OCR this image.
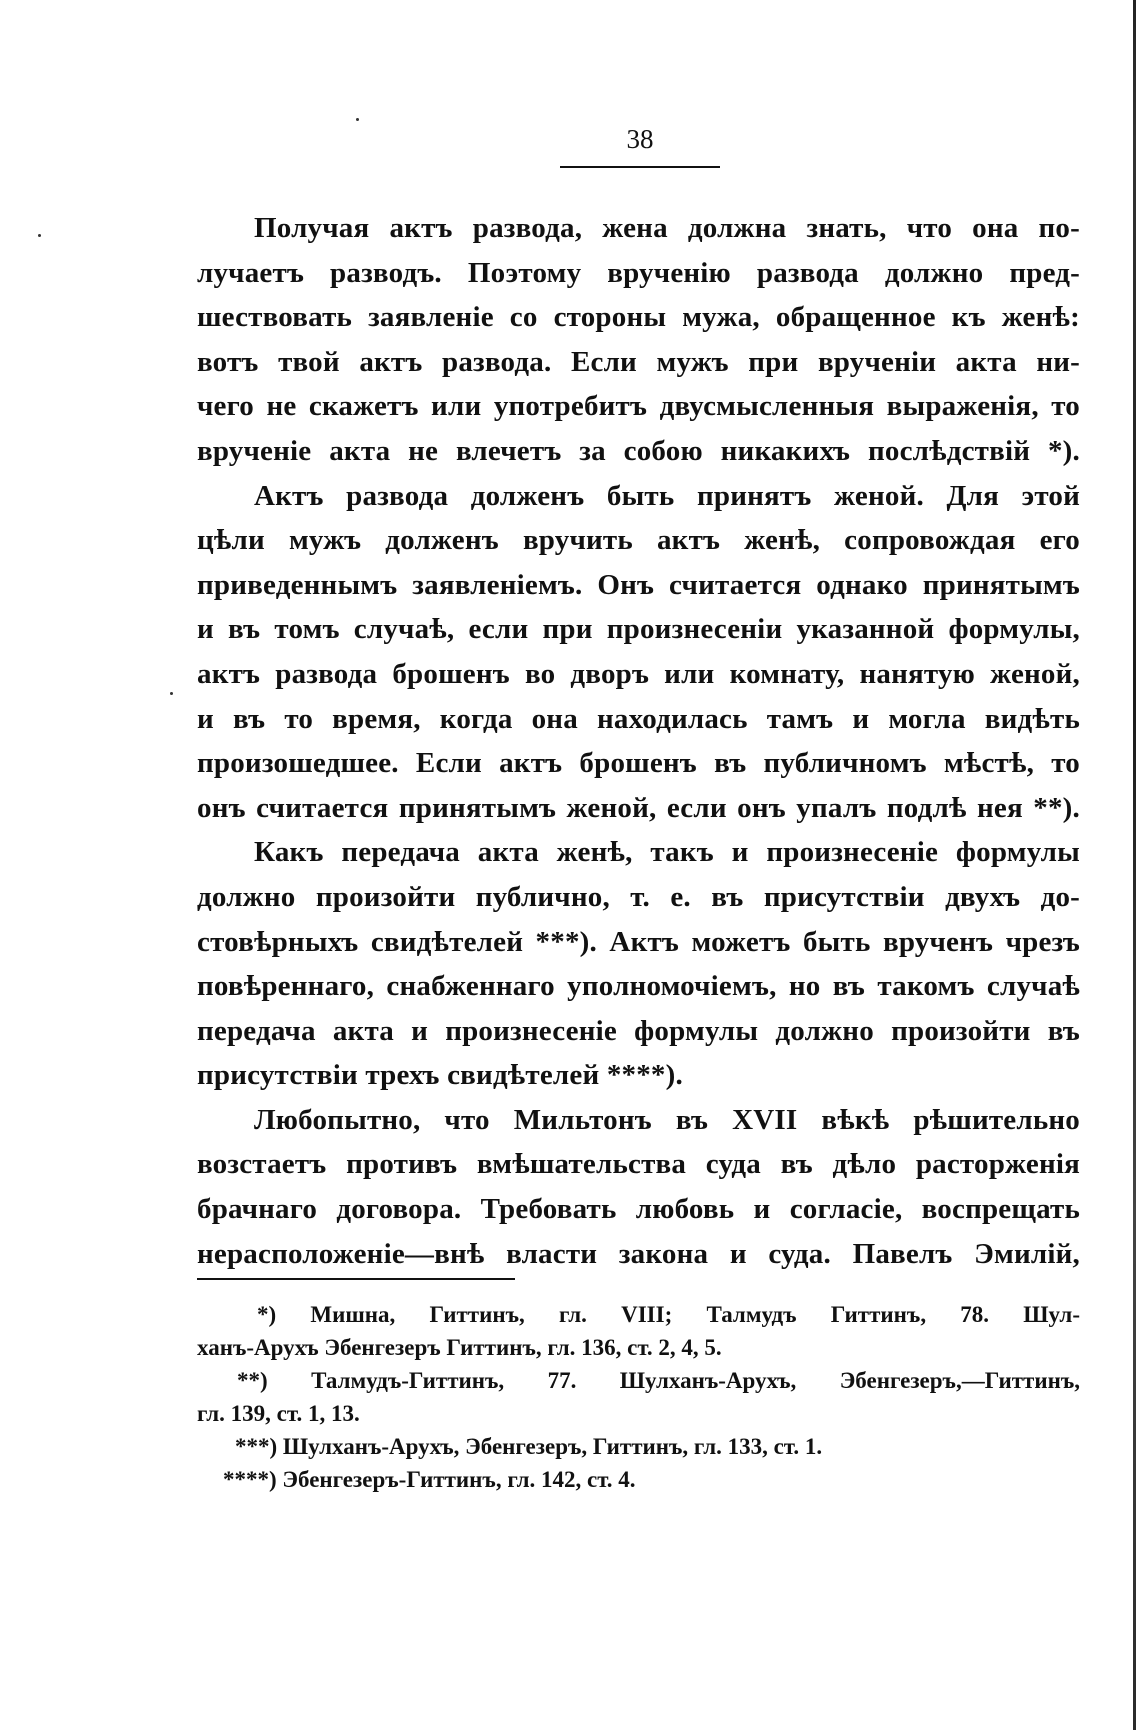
38
Получая актъ развода, жена должна знать, что она по-
лучаетъ разводъ. Поэтому врученію развода должно пред-
шествовать заявленіе со стороны мужа, обращенное къ женѣ:
вотъ твой актъ развода. Если мужъ при врученіи акта ни-
чего не скажетъ или употребитъ двусмысленныя выраженія, то
врученіе акта не влечетъ за собою никакихъ послѣдствій *).
Актъ развода долженъ быть принятъ женой. Для этой
цѣли мужъ долженъ вручить актъ женѣ, сопровождая его
приведеннымъ заявленіемъ. Онъ считается однако принятымъ
и въ томъ случаѣ, если при произнесеніи указанной формулы,
актъ развода брошенъ во дворъ или комнату, нанятую женой,
и въ то время, когда она находилась тамъ и могла видѣть
произошедшее. Если актъ брошенъ въ публичномъ мѣстѣ, то
онъ считается принятымъ женой, если онъ упалъ подлѣ нея **).
Какъ передача акта женѣ, такъ и произнесеніе формулы
должно произойти публично, т. е. въ присутствіи двухъ до-
стовѣрныхъ свидѣтелей ***). Актъ можетъ быть врученъ чрезъ
повѣреннаго, снабженнаго уполномочіемъ, но въ такомъ случаѣ
передача акта и произнесеніе формулы должно произойти въ
присутствіи трехъ свидѣтелей ****).
Любопытно, что Мильтонъ въ XVII вѣкѣ рѣшительно
возстаетъ противъ вмѣшательства суда въ дѣло расторженія
брачнаго договора. Требовать любовь и согласіе, воспрещать
нерасположеніе—внѣ власти закона и суда. Павелъ Эмилій,
*) Мишна, Гиттинъ, гл. VIII; Талмудъ Гиттинъ, 78. Шул-
ханъ-Арухъ Эбенгезеръ Гиттинъ, гл. 136, ст. 2, 4, 5.
**) Талмудъ-Гиттинъ, 77. Шулханъ-Арухъ, Эбенгезеръ,—Гиттинъ,
гл. 139, ст. 1, 13.
***) Шулханъ-Арухъ, Эбенгезеръ, Гиттинъ, гл. 133, ст. 1.
****) Эбенгезеръ-Гиттинъ, гл. 142, ст. 4.
